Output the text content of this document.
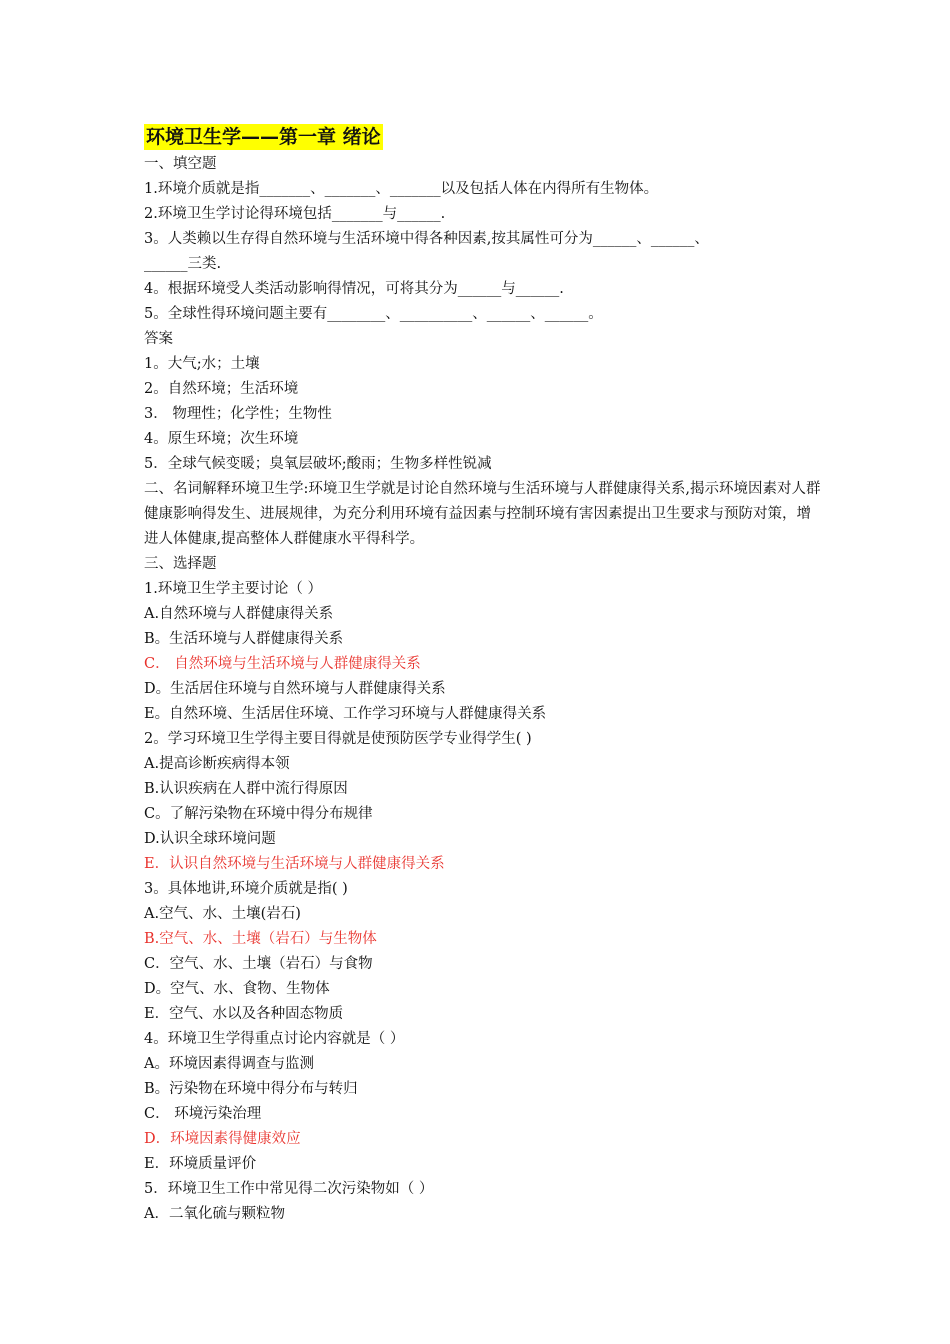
环境卫生学——第一章 绪论
一、填空题
1.环境介质就是指_______、_______、_______以及包括人体在内得所有生物体。
2.环境卫生学讨论得环境包括_______与______.
3。人类赖以生存得自然环境与生活环境中得各种因素,按其属性可分为______、______、
______三类.
4。根据环境受人类活动影响得情况，可将其分为______与______.
5。全球性得环境问题主要有________、__________、______、______。
答案
1。大气;水；土壤
2。自然环境；生活环境
3． 物理性；化学性；生物性
4。原生环境；次生环境
5．全球气候变暖；臭氧层破坏;酸雨；生物多样性锐减
二、名词解释环境卫生学:环境卫生学就是讨论自然环境与生活环境与人群健康得关系,揭示环境因素对人群健康影响得发生、进展规律，为充分利用环境有益因素与控制环境有害因素提出卫生要求与预防对策，增进人体健康,提高整体人群健康水平得科学。
三、选择题
1.环境卫生学主要讨论（ ）
A.自然环境与人群健康得关系
B。生活环境与人群健康得关系
C． 自然环境与生活环境与人群健康得关系
D。生活居住环境与自然环境与人群健康得关系
E。自然环境、生活居住环境、工作学习环境与人群健康得关系
2。学习环境卫生学得主要目得就是使预防医学专业得学生( )
A.提高诊断疾病得本领
B.认识疾病在人群中流行得原因
C。了解污染物在环境中得分布规律
D.认识全球环境问题
E．认识自然环境与生活环境与人群健康得关系
3。具体地讲,环境介质就是指( )
A.空气、水、土壤(岩石)
B.空气、水、土壤（岩石）与生物体
C．空气、水、土壤（岩石）与食物
D。空气、水、食物、生物体
E．空气、水以及各种固态物质
4。环境卫生学得重点讨论内容就是（ ）
A。环境因素得调查与监测
B。污染物在环境中得分布与转归
C． 环境污染治理
D．环境因素得健康效应
E．环境质量评价
5．环境卫生工作中常见得二次污染物如（ ）
A．二氧化硫与颗粒物
